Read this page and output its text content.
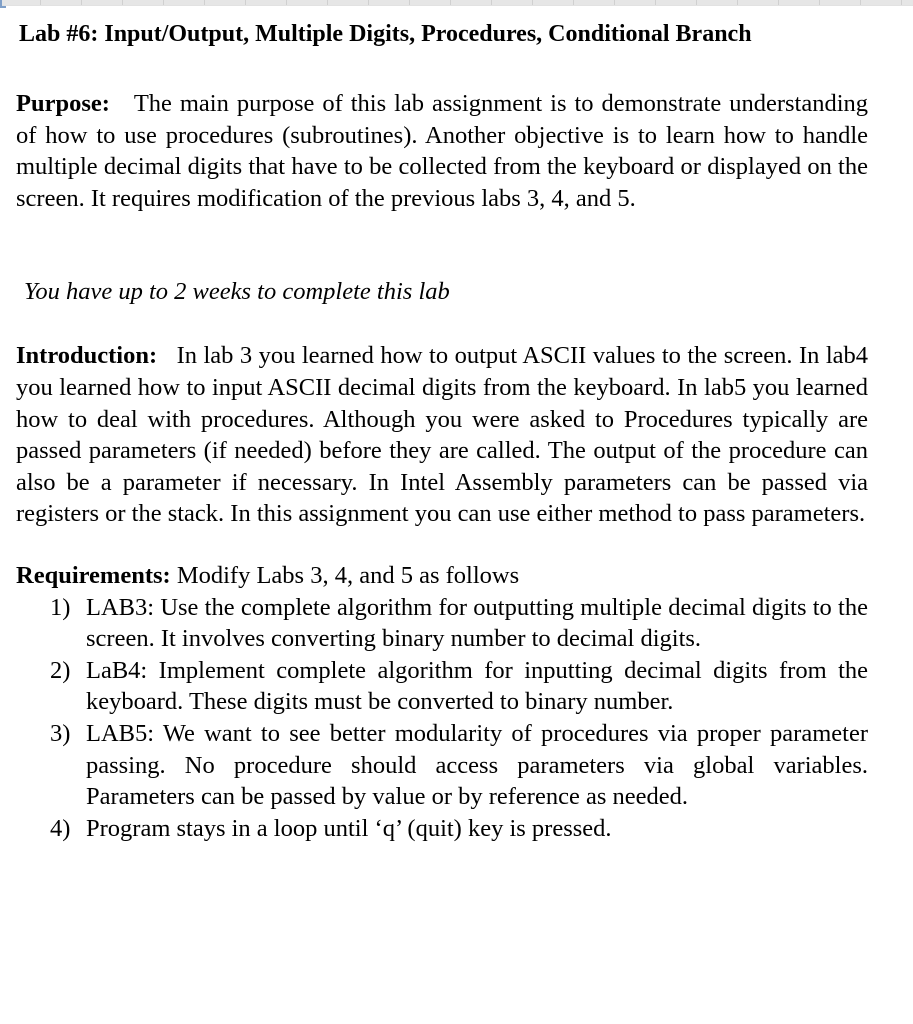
Lab #6: Input/Output, Multiple Digits, Procedures, Conditional Branch

Purpose: The main purpose of this lab assignment is to demonstrate understanding of how to use procedures (subroutines). Another objective is to learn how to handle multiple decimal digits that have to be collected from the keyboard or displayed on the screen. It requires modification of the previous labs 3, 4, and 5.

You have up to 2 weeks to complete this lab

Introduction: In lab 3 you learned how to output ASCII values to the screen. In lab4 you learned how to input ASCII decimal digits from the keyboard. In lab5 you learned how to deal with procedures. Although you were asked to Procedures typically are passed parameters (if needed) before they are called. The output of the procedure can also be a parameter if necessary. In Intel Assembly parameters can be passed via registers or the stack. In this assignment you can use either method to pass parameters.

Requirements: Modify Labs 3, 4, and 5 as follows
1) LAB3: Use the complete algorithm for outputting multiple decimal digits to the screen. It involves converting binary number to decimal digits.
2) LaB4: Implement complete algorithm for inputting decimal digits from the keyboard. These digits must be converted to binary number.
3) LAB5: We want to see better modularity of procedures via proper parameter passing. No procedure should access parameters via global variables. Parameters can be passed by value or by reference as needed.
4) Program stays in a loop until ‘q’ (quit) key is pressed.
